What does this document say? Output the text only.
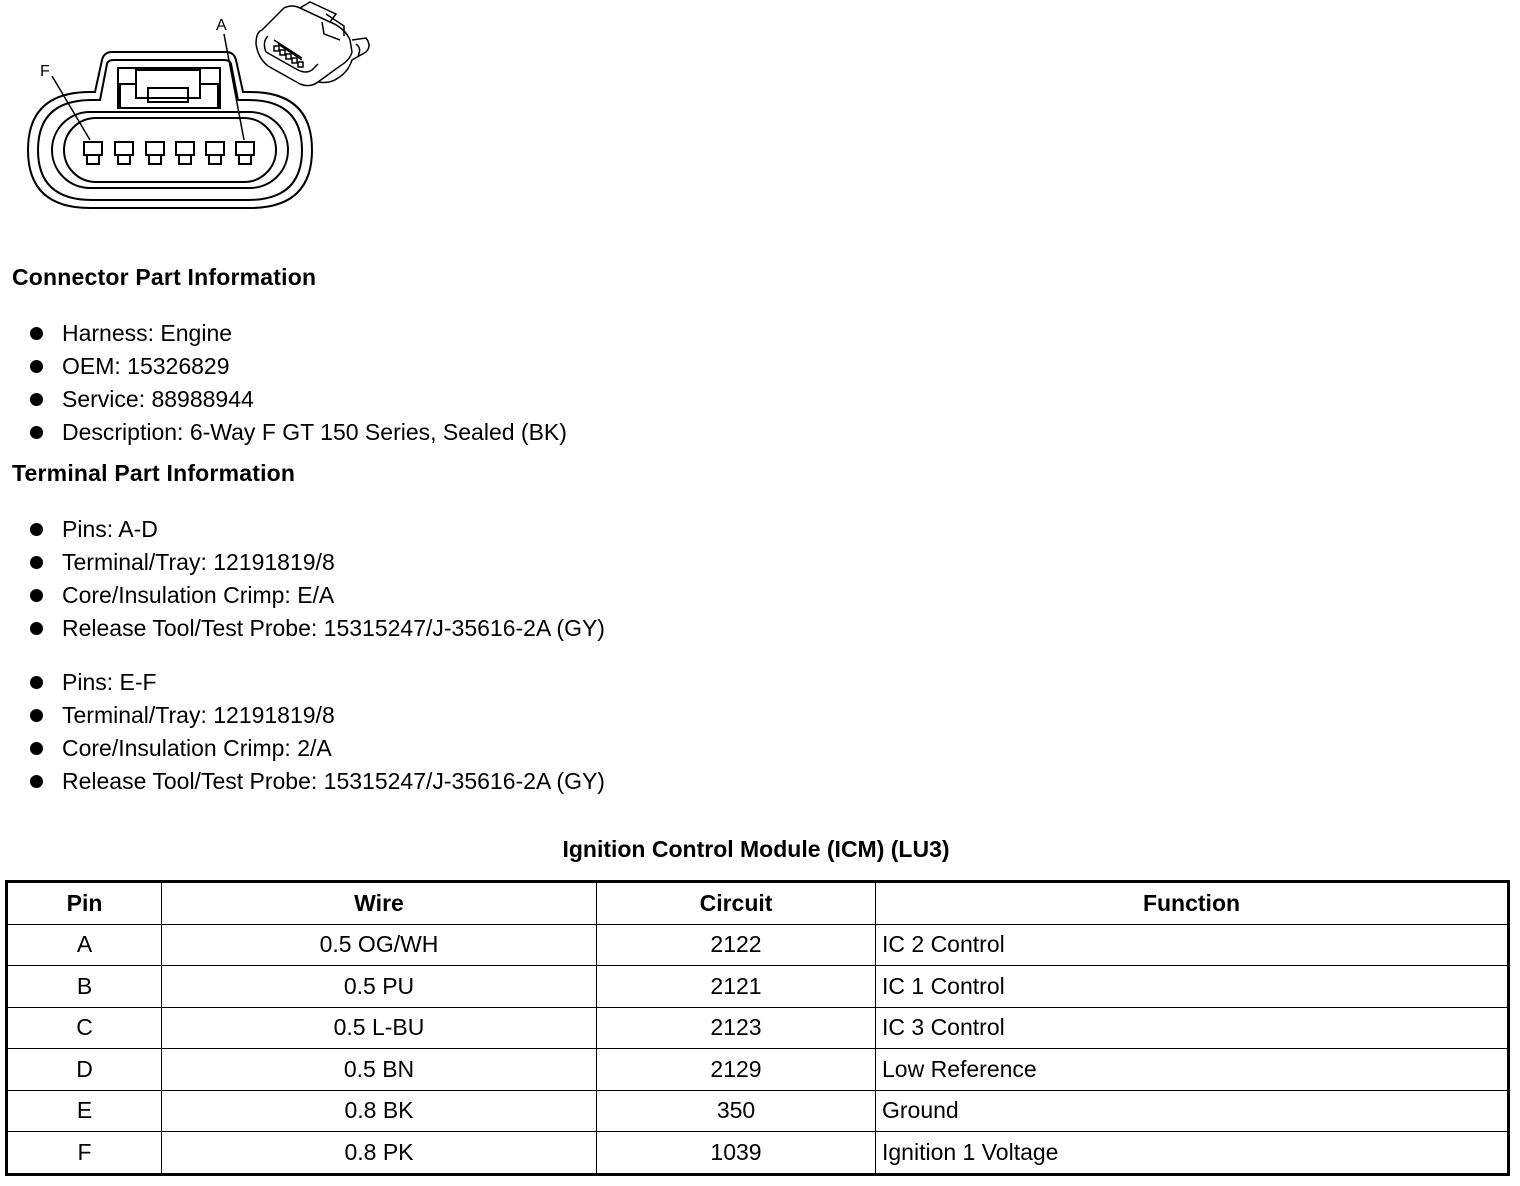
F
A
Connector Part Information
Harness: Engine
OEM: 15326829
Service: 88988944
Description: 6-Way F GT 150 Series, Sealed (BK)
Terminal Part Information
Pins: A-D
Terminal/Tray: 12191819/8
Core/Insulation Crimp: E/A
Release Tool/Test Probe: 15315247/J-35616-2A (GY)
Pins: E-F
Terminal/Tray: 12191819/8
Core/Insulation Crimp: 2/A
Release Tool/Test Probe: 15315247/J-35616-2A (GY)
Ignition Control Module (ICM) (LU3)
Pin	Wire	Circuit	Function
A	0.5 OG/WH	2122	IC 2 Control
B	0.5 PU	2121	IC 1 Control
C	0.5 L-BU	2123	IC 3 Control
D	0.5 BN	2129	Low Reference
E	0.8 BK	350	Ground
F	0.8 PK	1039	Ignition 1 Voltage
